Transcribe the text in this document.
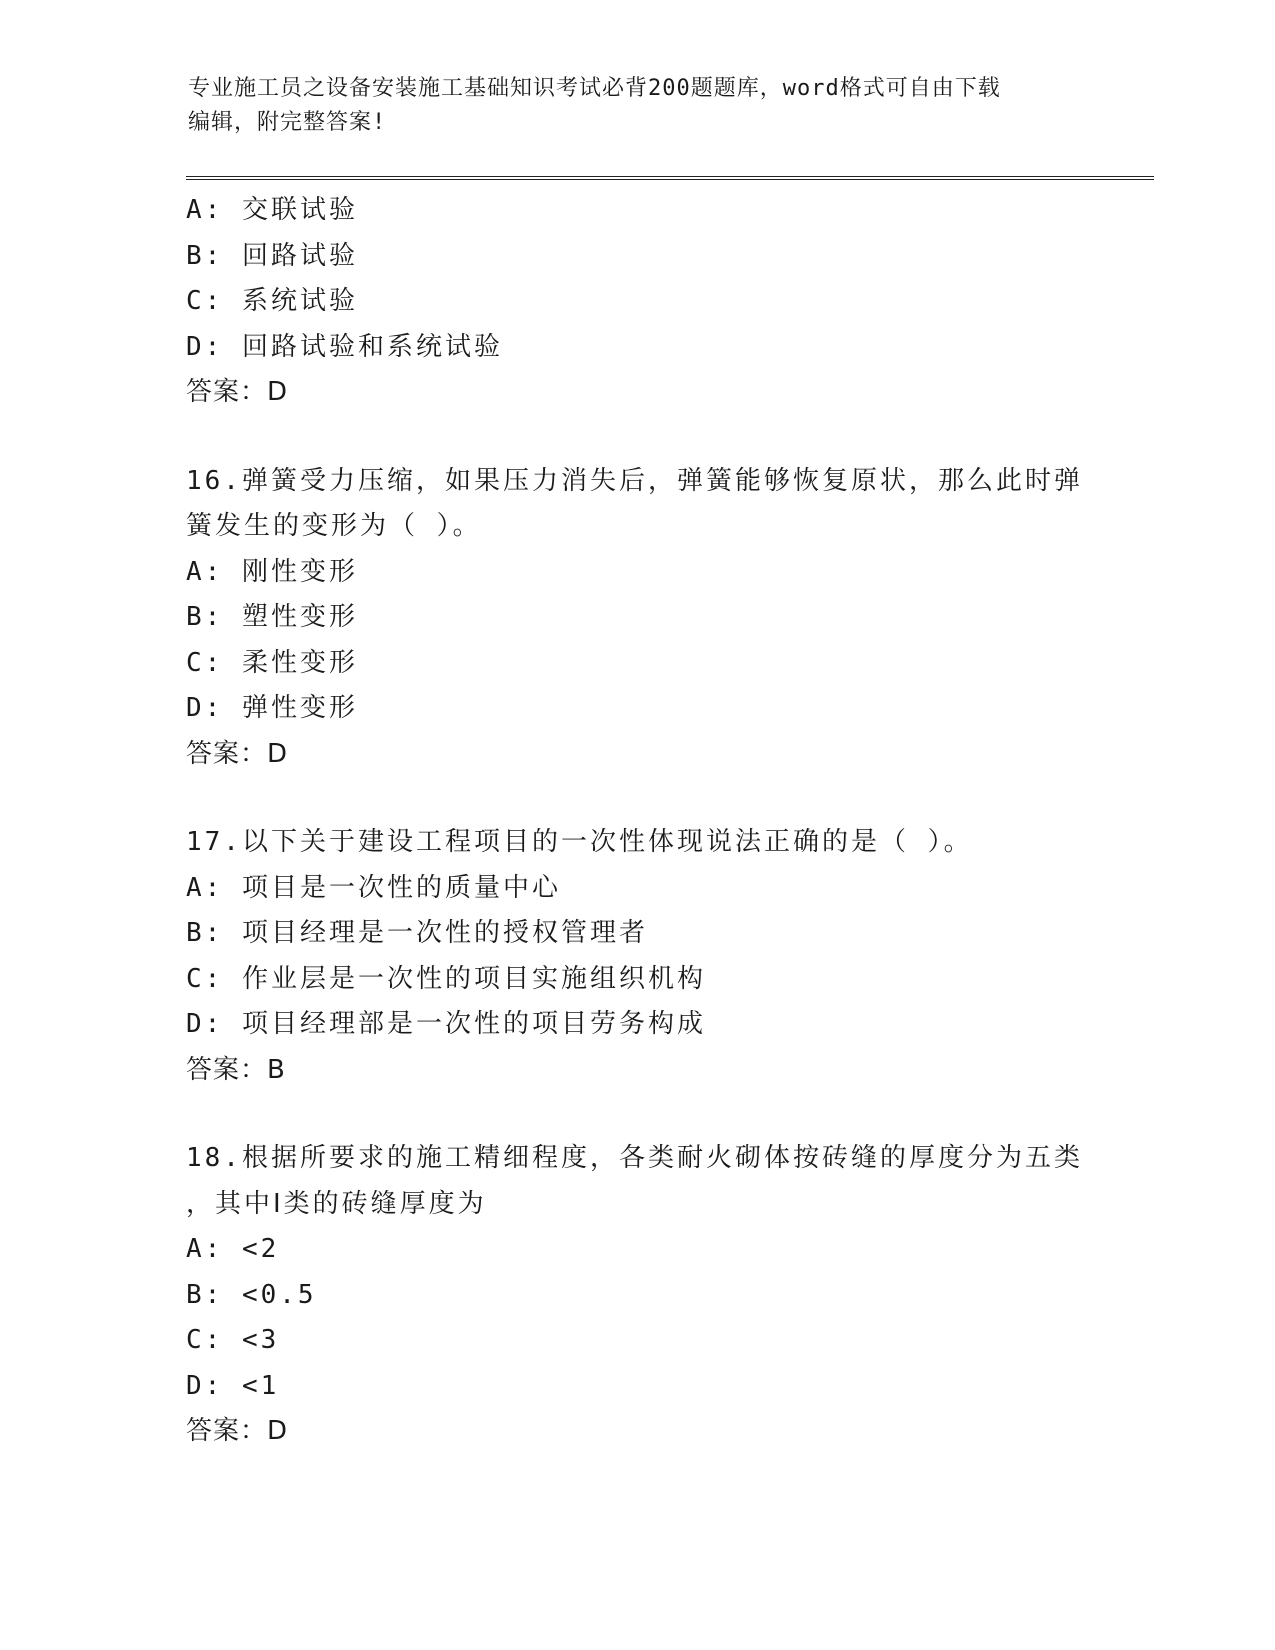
专业施工员之设备安装施工基础知识考试必背200题题库，word格式可自由下载
编辑，附完整答案!
A: 交联试验
B: 回路试验
C: 系统试验
D: 回路试验和系统试验
答案：D
16.弹簧受力压缩，如果压力消失后，弹簧能够恢复原状，那么此时弹
簧发生的变形为（ ）。
A: 刚性变形
B: 塑性变形
C: 柔性变形
D: 弹性变形
答案：D
17.以下关于建设工程项目的一次性体现说法正确的是（ ）。
A: 项目是一次性的质量中心
B: 项目经理是一次性的授权管理者
C: 作业层是一次性的项目实施组织机构
D: 项目经理部是一次性的项目劳务构成
答案：B
18.根据所要求的施工精细程度，各类耐火砌体按砖缝的厚度分为五类
，其中Ⅰ类的砖缝厚度为
A: <2
B: <0.5
C: <3
D: <1
答案：D
